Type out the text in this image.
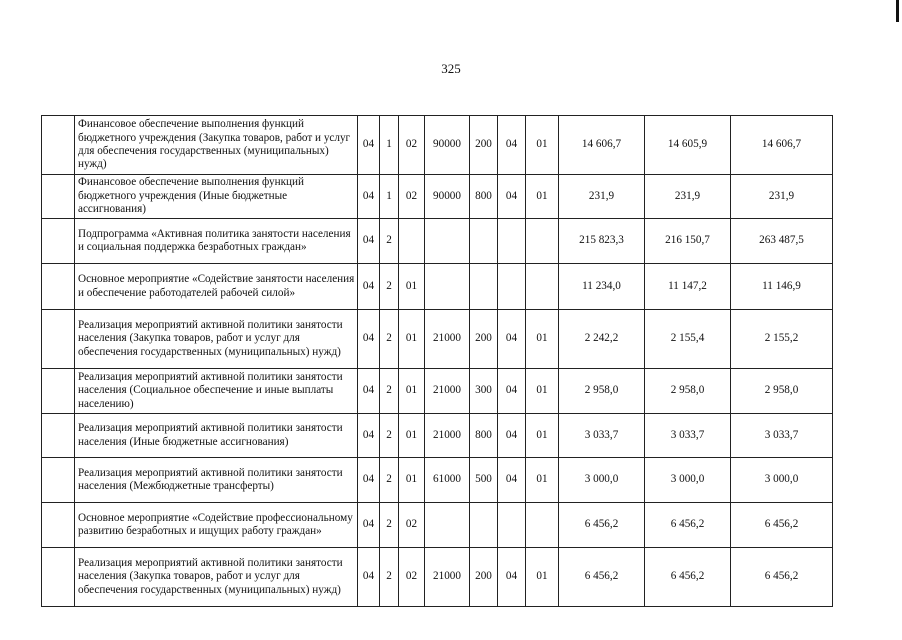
325
	Финансовое обеспечение выполнения функций бюджетного учреждения (Закупка товаров, работ и услуг для обеспечения государственных (муниципальных) нужд)	04	1	02	90000	200	04	01	14 606,7	14 605,9	14 606,7
	Финансовое обеспечение выполнения функций бюджетного учреждения (Иные бюджетные ассигнования)	04	1	02	90000	800	04	01	231,9	231,9	231,9
	Подпрограмма «Активная политика занятости населения и социальная поддержка безработных граждан»	04	2						215 823,3	216 150,7	263 487,5
	Основное мероприятие «Содействие занятости населения и обеспечение работодателей рабочей силой»	04	2	01					11 234,0	11 147,2	11 146,9
	Реализация мероприятий активной политики занятости населения (Закупка товаров, работ и услуг для обеспечения государственных (муниципальных) нужд)	04	2	01	21000	200	04	01	2 242,2	2 155,4	2 155,2
	Реализация мероприятий активной политики занятости населения (Социальное обеспечение и иные выплаты населению)	04	2	01	21000	300	04	01	2 958,0	2 958,0	2 958,0
	Реализация мероприятий активной политики занятости населения (Иные бюджетные ассигнования)	04	2	01	21000	800	04	01	3 033,7	3 033,7	3 033,7
	Реализация мероприятий активной политики занятости населения (Межбюджетные трансферты)	04	2	01	61000	500	04	01	3 000,0	3 000,0	3 000,0
	Основное мероприятие «Содействие профессиональному развитию безработных и ищущих работу граждан»	04	2	02					6 456,2	6 456,2	6 456,2
	Реализация мероприятий активной политики занятости населения (Закупка товаров, работ и услуг для обеспечения государственных (муниципальных) нужд)	04	2	02	21000	200	04	01	6 456,2	6 456,2	6 456,2
